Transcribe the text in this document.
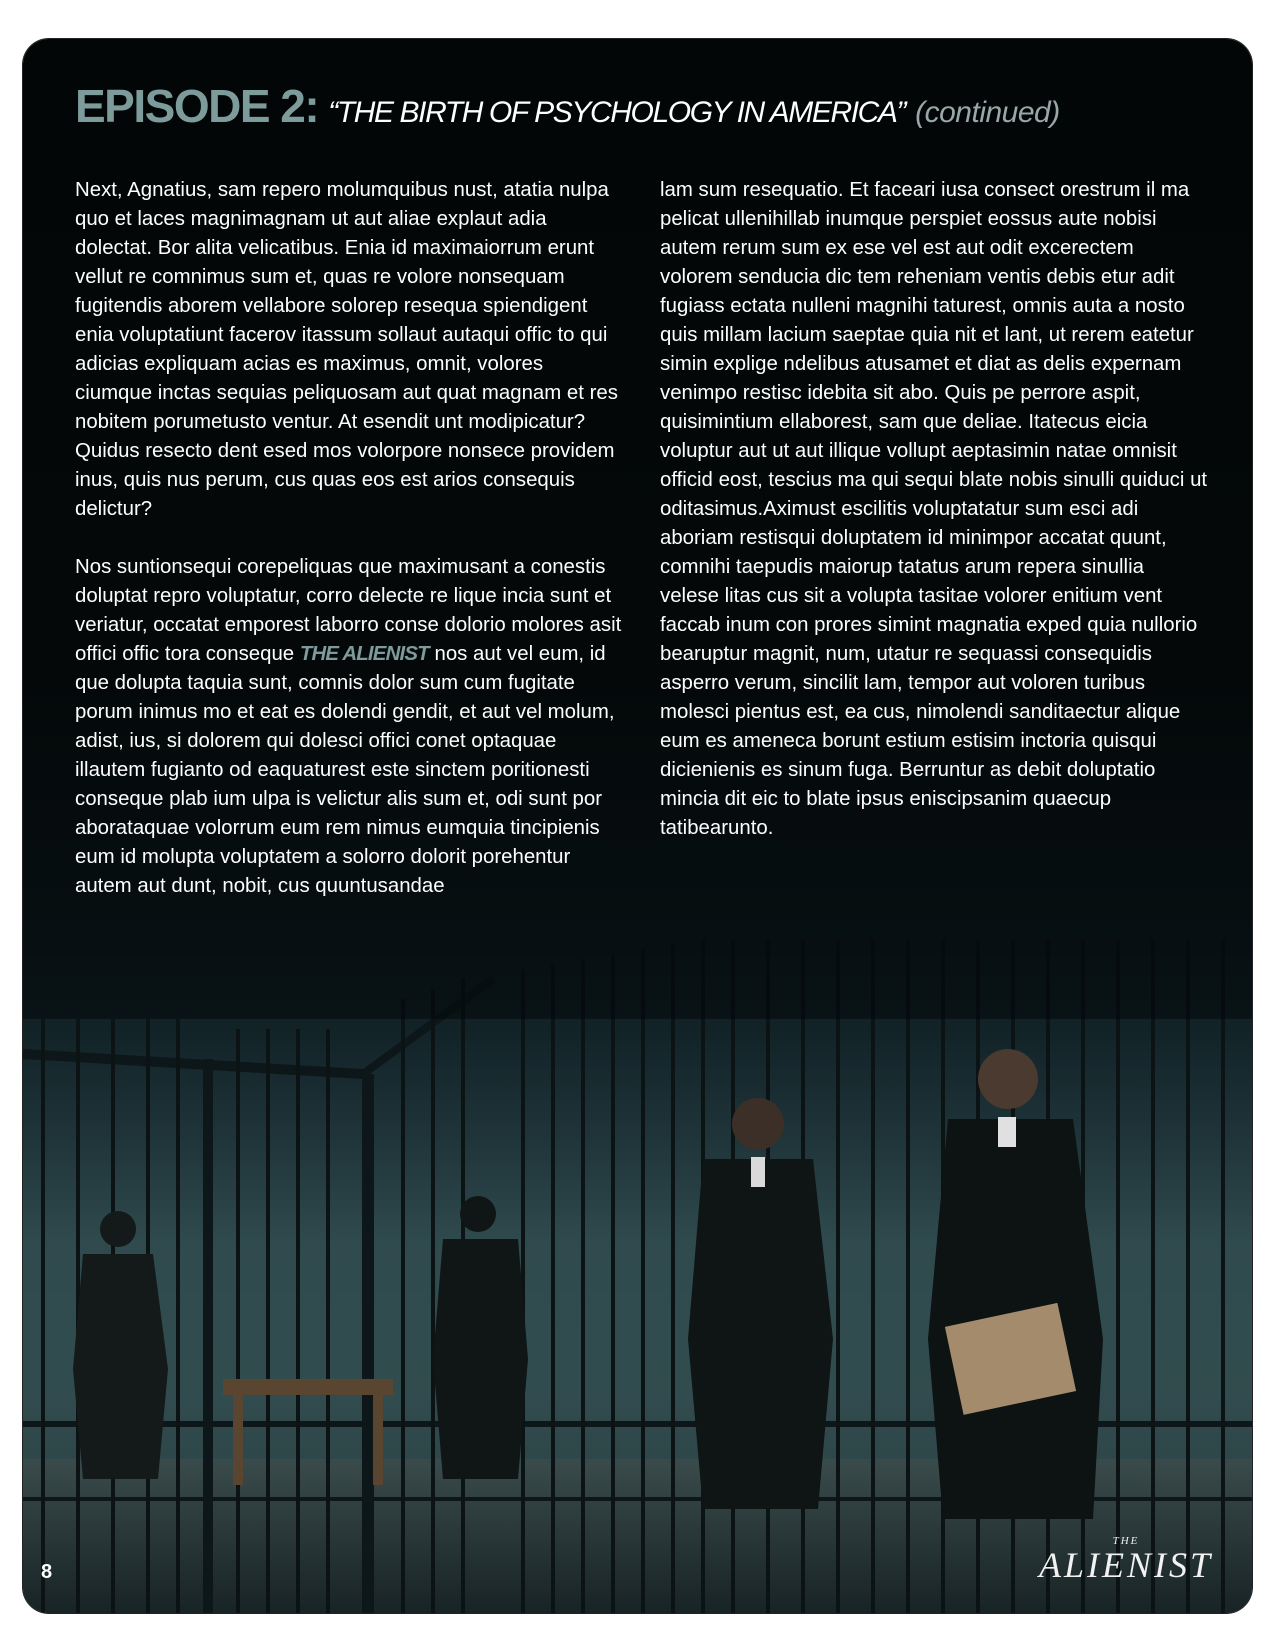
EPISODE 2: “THE BIRTH OF PSYCHOLOGY IN AMERICA” (continued)

Next, Agnatius, sam repero molumquibus nust, atatia nulpa quo et laces magnimagnam ut aut aliae explaut adia dolectat. Bor alita velicatibus. Enia id maximaiorrum erunt vellut re comnimus sum et, quas re volore nonsequam fugitendis aborem vellabore solorep resequa spiendigent enia voluptatiunt facerov itassum sollaut autaqui offic to qui adicias expliquam acias es maximus, omnit, volores ciumque inctas sequias peliquosam aut quat magnam et res nobitem porumetusto ventur. At esendit unt modipicatur? Quidus resecto dent esed mos volorpore nonsece providem inus, quis nus perum, cus quas eos est arios consequis delictur?

Nos suntionsequi corepeliquas que maximusant a conestis doluptat repro voluptatur, corro delecte re lique incia sunt et veriatur, occatat emporest laborro conse dolorio molores asit offici offic tora conseque THE ALIENIST nos aut vel eum, id que dolupta taquia sunt, comnis dolor sum cum fugitate porum inimus mo et eat es dolendi gendit, et aut vel molum, adist, ius, si dolorem qui dolesci offici conet optaquae illautem fugianto od eaquaturest este sinctem poritionesti conseque plab ium ulpa is velictur alis sum et, odi sunt por aborataquae volorrum eum rem nimus eumquia tincipienis eum id molupta voluptatem a solorro dolorit porehentur autem aut dunt, nobit, cus quuntusandae

lam sum resequatio. Et faceari iusa consect orestrum il ma pelicat ullenihillab inumque perspiet eossus aute nobisi autem rerum sum ex ese vel est aut odit excerectem volorem senducia dic tem reheniam ventis debis etur adit fugiass ectata nulleni magnihi taturest, omnis auta a nosto quis millam lacium saeptae quia nit et lant, ut rerem eatetur simin explige ndelibus atusamet et diat as delis expernam venimpo restisc idebita sit abo. Quis pe perrore aspit, quisimintium ellaborest, sam que deliae. Itatecus eicia voluptur aut ut aut illique vollupt aeptasimin natae omnisit officid eost, tescius ma qui sequi blate nobis sinulli quiduci ut oditasimus.Aximust escilitis voluptatatur sum esci adi aboriam restisqui doluptatem id minimpor accatat quunt, comnihi taepudis maiorup tatatus arum repera sinullia velese litas cus sit a volupta tasitae volorer enitium vent faccab inum con prores simint magnatia exped quia nullorio bearuptur magnit, num, utatur re sequassi consequidis asperro verum, sincilit lam, tempor aut voloren turibus molesci pientus est, ea cus, nimolendi sanditaectur alique eum es ameneca borunt estium estisim inctoria quisqui dicienienis es sinum fuga. Berruntur as debit doluptatio mincia dit eic to blate ipsus eniscipsanim quaecup tatibearunto.

8
THE
ALIENIST
